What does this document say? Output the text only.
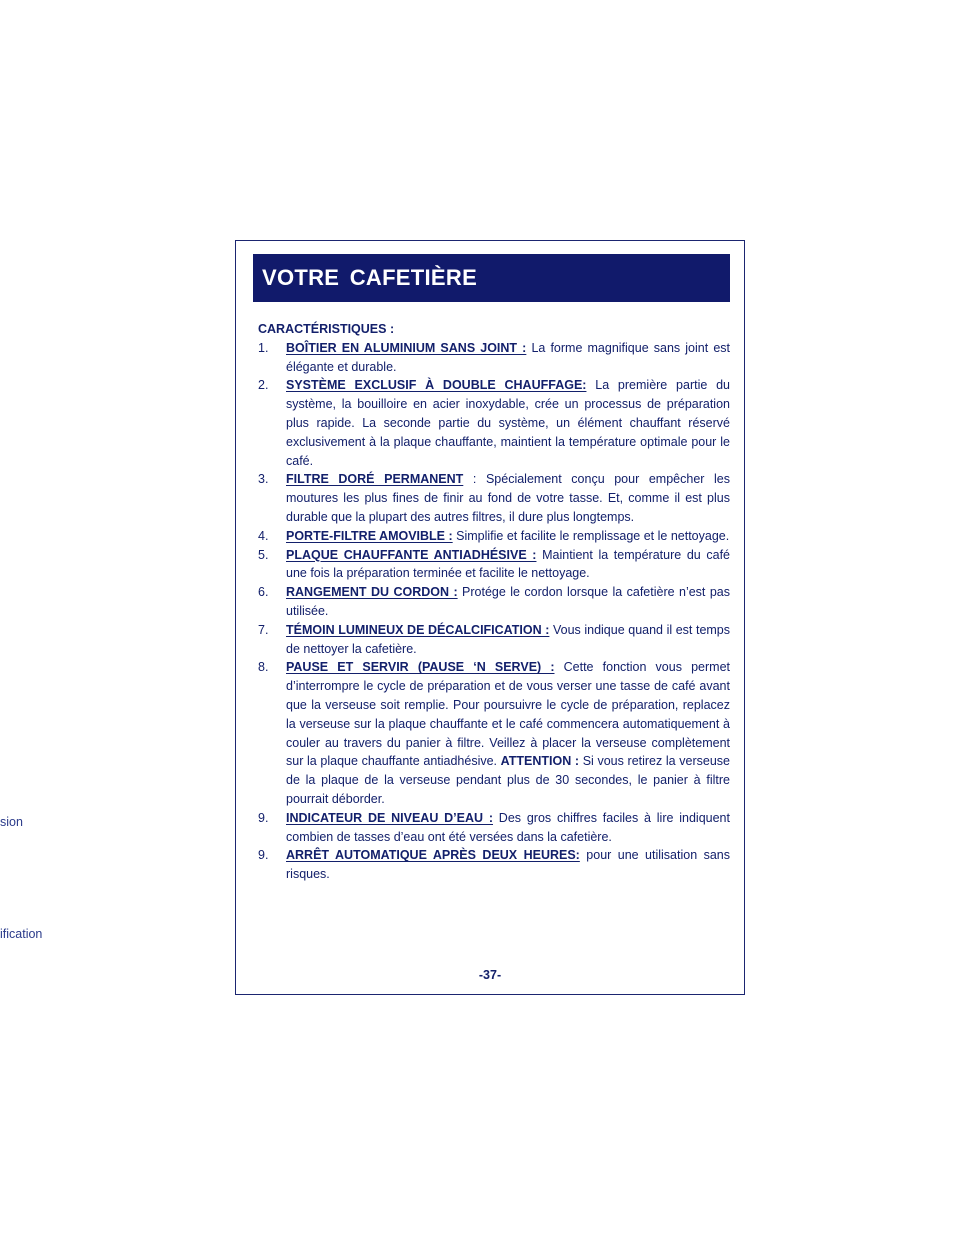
sion
ification
VOTRE CAFETIÈRE

CARACTÉRISTIQUES :

1. BOÎTIER EN ALUMINIUM SANS JOINT : La forme magnifique sans joint est élégante et durable.
2. SYSTÈME EXCLUSIF À DOUBLE CHAUFFAGE: La première partie du système, la bouilloire en acier inoxydable, crée un processus de préparation plus rapide. La seconde partie du système, un élément chauffant réservé exclusivement à la plaque chauffante, maintient la température optimale pour le café.
3. FILTRE DORÉ PERMANENT : Spécialement conçu pour empêcher les moutures les plus fines de finir au fond de votre tasse. Et, comme il est plus durable que la plupart des autres filtres, il dure plus longtemps.
4. PORTE-FILTRE AMOVIBLE : Simplifie et facilite le remplissage et le nettoyage.
5. PLAQUE CHAUFFANTE ANTIADHÉSIVE : Maintient la température du café une fois la préparation terminée et facilite le nettoyage.
6. RANGEMENT DU CORDON : Protége le cordon lorsque la cafetière n’est pas utilisée.
7. TÉMOIN LUMINEUX DE DÉCALCIFICATION : Vous indique quand il est temps de nettoyer la cafetière.
8. PAUSE ET SERVIR (PAUSE ‘N SERVE) : Cette fonction vous permet d’interrompre le cycle de préparation et de vous verser une tasse de café avant que la verseuse soit remplie. Pour poursuivre le cycle de préparation, replacez la verseuse sur la plaque chauffante et le café commencera automatiquement à couler au travers du panier à filtre. Veillez à placer la verseuse complètement sur la plaque chauffante antiadhésive. ATTENTION : Si vous retirez la verseuse de la plaque de la verseuse pendant plus de 30 secondes, le panier à filtre pourrait déborder.
9. INDICATEUR DE NIVEAU D’EAU : Des gros chiffres faciles à lire indiquent combien de tasses d’eau ont été versées dans la cafetière.
9. ARRÊT AUTOMATIQUE APRÈS DEUX HEURES: pour une utilisation sans risques.
-37-
